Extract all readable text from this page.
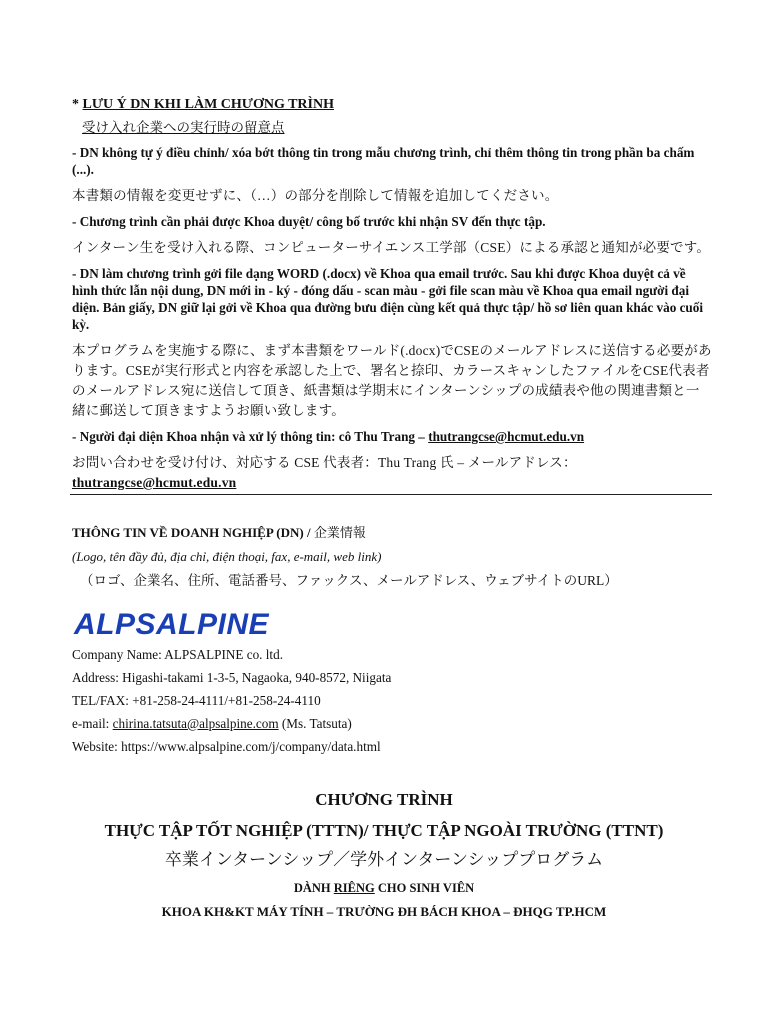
* LƯU Ý DN KHI LÀM CHƯƠNG TRÌNH

受け入れ企業への実行時の留意点

- DN không tự ý điều chỉnh/ xóa bớt thông tin trong mẫu chương trình, chỉ thêm thông tin trong phần ba chấm (...).

本書類の情報を変更せずに、（…）の部分を削除して情報を追加してください。

- Chương trình cần phải được Khoa duyệt/ công bố trước khi nhận SV đến thực tập.

インターン生を受け入れる際、コンピューターサイエンス工学部（CSE）による承認と通知が必要です。

- DN làm chương trình gởi file dạng WORD (.docx) về Khoa qua email trước. Sau khi được Khoa duyệt cả về hình thức lẫn nội dung, DN mới in - ký - đóng dấu - scan màu - gởi file scan màu về Khoa qua email người đại diện. Bản giấy, DN giữ lại gởi về Khoa qua đường bưu điện cùng kết quả thực tập/ hồ sơ liên quan khác vào cuối kỳ.

本プログラムを実施する際に、まず本書類をワールド(.docx)でCSEのメールアドレスに送信する必要があります。CSEが実行形式と内容を承認した上で、署名と捺印、カラースキャンしたファイルをCSE代表者のメールアドレス宛に送信して頂き、紙書類は学期末にインターンシップの成績表や他の関連書類と一緒に郵送して頂きますようお願い致します。

- Người đại diện Khoa nhận và xử lý thông tin: cô Thu Trang – thutrangcse@hcmut.edu.vn

お問い合わせを受け付け、対応する CSE 代表者：Thu Trang 氏 – メールアドレス：thutrangcse@hcmut.edu.vn

THÔNG TIN VỀ DOANH NGHIỆP (DN) / 企業情報

(Logo, tên đầy đủ, địa chỉ, điện thoại, fax, e-mail, web link)

（ロゴ、企業名、住所、電話番号、ファックス、メールアドレス、ウェブサイトのURL）

ALPSALPINE

Company Name: ALPSALPINE co. ltd.

Address: Higashi-takami 1-3-5, Nagaoka, 940-8572, Niigata

TEL/FAX: +81-258-24-4111/+81-258-24-4110

e-mail: chirina.tatsuta@alpsalpine.com (Ms. Tatsuta)

Website: https://www.alpsalpine.com/j/company/data.html

CHƯƠNG TRÌNH

THỰC TẬP TỐT NGHIỆP (TTTN)/ THỰC TẬP NGOÀI TRƯỜNG (TTNT)

卒業インターンシップ／学外インターンシッププログラム

DÀNH RIÊNG CHO SINH VIÊN

KHOA KH&KT MÁY TÍNH – TRƯỜNG ĐH BÁCH KHOA – ĐHQG TP.HCM
